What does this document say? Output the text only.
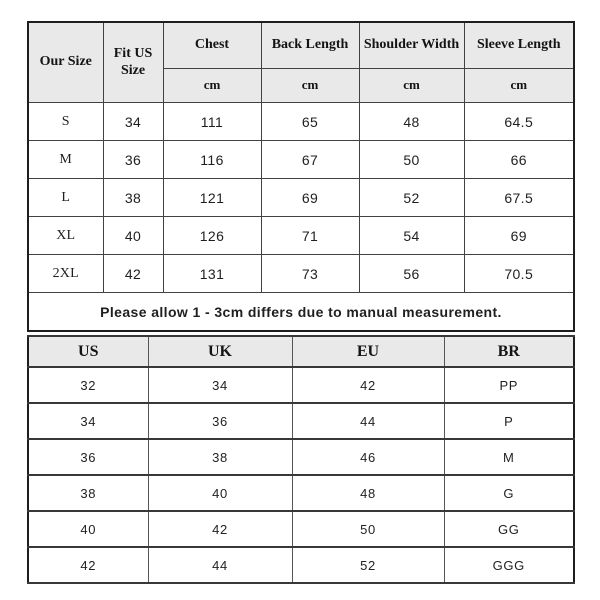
Our Size	Fit US Size	Chest	Back Length	Shoulder Width	Sleeve Length
		cm	cm	cm	cm
S	34	111	65	48	64.5
M	36	116	67	50	66
L	38	121	69	52	67.5
XL	40	126	71	54	69
2XL	42	131	73	56	70.5
Please allow 1 - 3cm differs due to manual measurement.					
US	UK	EU	BR
32	34	42	PP
34	36	44	P
36	38	46	M
38	40	48	G
40	42	50	GG
42	44	52	GGG
